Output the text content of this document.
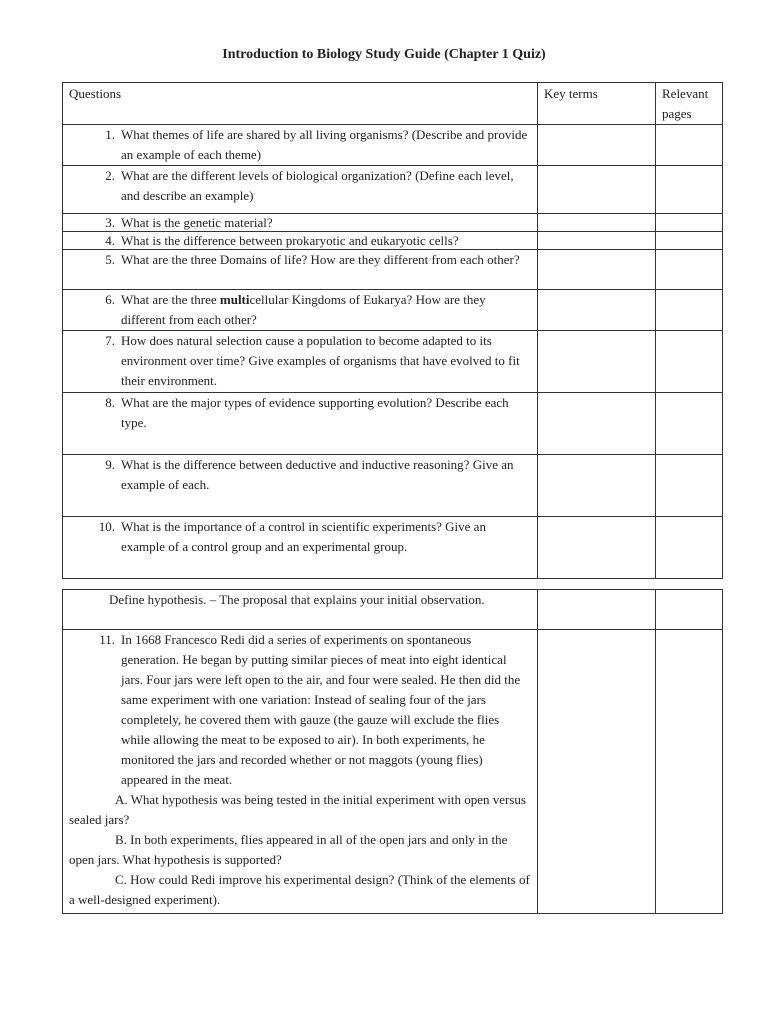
Introduction to Biology Study Guide (Chapter 1 Quiz)
Questions	Key terms	Relevant pages

1. What themes of life are shared by all living organisms? (Describe and provide an example of each theme)		

2. What are the different levels of biological organization? (Define each level, and describe an example)		

3. What is the genetic material?		

4. What is the difference between prokaryotic and eukaryotic cells?		

5. What are the three Domains of life? How are they different from each other?		

6. What are the three multicellular Kingdoms of Eukarya? How are they different from each other?		

7. How does natural selection cause a population to become adapted to its environment over time? Give examples of organisms that have evolved to fit their environment.		

8. What are the major types of evidence supporting evolution? Describe each type.		

9. What is the difference between deductive and inductive reasoning? Give an example of each.		

10. What is the importance of a control in scientific experiments? Give an example of a control group and an experimental group.		

Define hypothesis. – The proposal that explains your initial observation.		

11. In 1668 Francesco Redi did a series of experiments on spontaneous generation. He began by putting similar pieces of meat into eight identical jars. Four jars were left open to the air, and four were sealed. He then did the same experiment with one variation: Instead of sealing four of the jars completely, he covered them with gauze (the gauze will exclude the flies while allowing the meat to be exposed to air). In both experiments, he monitored the jars and recorded whether or not maggots (young flies) appeared in the meat.
A. What hypothesis was being tested in the initial experiment with open versus sealed jars?
B. In both experiments, flies appeared in all of the open jars and only in the open jars. What hypothesis is supported?
C. How could Redi improve his experimental design? (Think of the elements of a well-designed experiment).		
